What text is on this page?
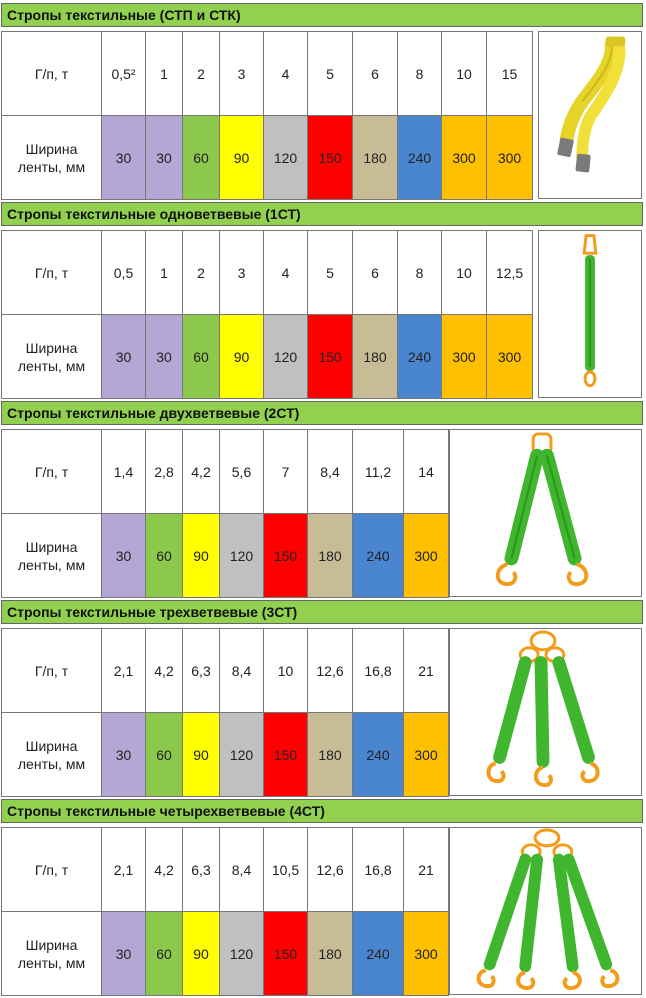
Стропы текстильные (СТП и СТК)
Г/п, т	0,5²	1	2	3	4	5	6	8	10	15
Ширина
ленты, мм	30	30	60	90	120	150	180	240	300	300
Стропы текстильные одноветвевые (1СТ)
Г/п, т	0,5	1	2	3	4	5	6	8	10	12,5
Ширина
ленты, мм	30	30	60	90	120	150	180	240	300	300
Стропы текстильные двухветвевые (2СТ)
Г/п, т	1,4	2,8	4,2	5,6	7	8,4	11,2	14
Ширина
ленты, мм	30	60	90	120	150	180	240	300
Стропы текстильные трехветвевые (3СТ)
Г/п, т	2,1	4,2	6,3	8,4	10	12,6	16,8	21
Ширина
ленты, мм	30	60	90	120	150	180	240	300
Стропы текстильные четырехветвевые (4СТ)
Г/п, т	2,1	4,2	6,3	8,4	10,5	12,6	16,8	21
Ширина
ленты, мм	30	60	90	120	150	180	240	300
